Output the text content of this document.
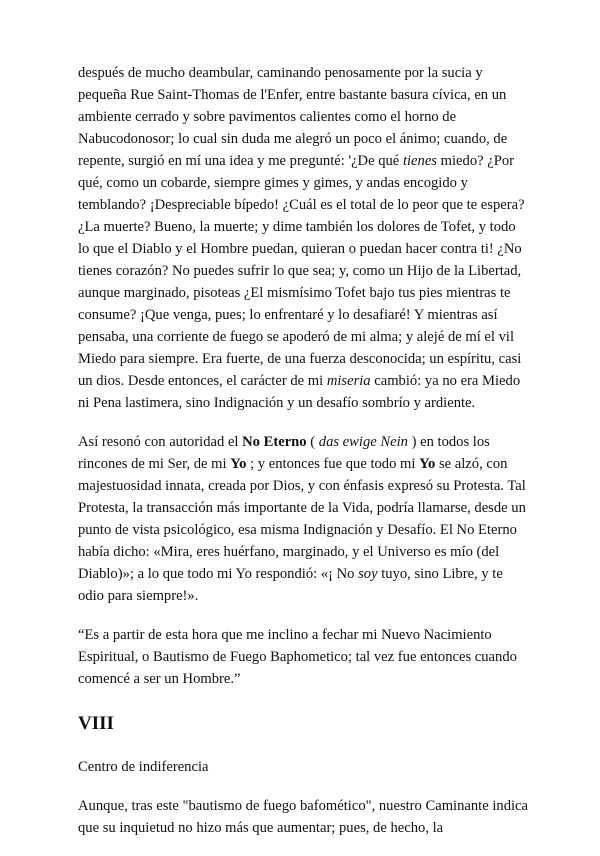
después de mucho deambular, caminando penosamente por la sucia y pequeña Rue Saint-Thomas de l'Enfer, entre bastante basura cívica, en un ambiente cerrado y sobre pavimentos calientes como el horno de Nabucodonosor; lo cual sin duda me alegró un poco el ánimo; cuando, de repente, surgió en mí una idea y me pregunté: '¿De qué tienes miedo? ¿Por qué, como un cobarde, siempre gimes y gimes, y andas encogido y temblando? ¡Despreciable bípedo! ¿Cuál es el total de lo peor que te espera? ¿La muerte? Bueno, la muerte; y dime también los dolores de Tofet, y todo lo que el Diablo y el Hombre puedan, quieran o puedan hacer contra ti! ¿No tienes corazón? No puedes sufrir lo que sea; y, como un Hijo de la Libertad, aunque marginado, pisoteas ¿El mismísimo Tofet bajo tus pies mientras te consume? ¡Que venga, pues; lo enfrentaré y lo desafiaré! Y mientras así pensaba, una corriente de fuego se apoderó de mi alma; y alejé de mí el vil Miedo para siempre. Era fuerte, de una fuerza desconocida; un espíritu, casi un dios. Desde entonces, el carácter de mi miseria cambió: ya no era Miedo ni Pena lastimera, sino Indignación y un desafío sombrío y ardiente.

Así resonó con autoridad el No Eterno ( das ewige Nein ) en todos los rincones de mi Ser, de mi Yo ; y entonces fue que todo mi Yo se alzó, con majestuosidad innata, creada por Dios, y con énfasis expresó su Protesta. Tal Protesta, la transacción más importante de la Vida, podría llamarse, desde un punto de vista psicológico, esa misma Indignación y Desafío. El No Eterno había dicho: «Mira, eres huérfano, marginado, y el Universo es mío (del Diablo)»; a lo que todo mi Yo respondió: «¡ No soy tuyo, sino Libre, y te odio para siempre!».

“Es a partir de esta hora que me inclino a fechar mi Nuevo Nacimiento Espiritual, o Bautismo de Fuego Baphometico; tal vez fue entonces cuando comencé a ser un Hombre.”

VIII

Centro de indiferencia

Aunque, tras este "bautismo de fuego bafomético", nuestro Caminante indica que su inquietud no hizo más que aumentar; pues, de hecho, la
